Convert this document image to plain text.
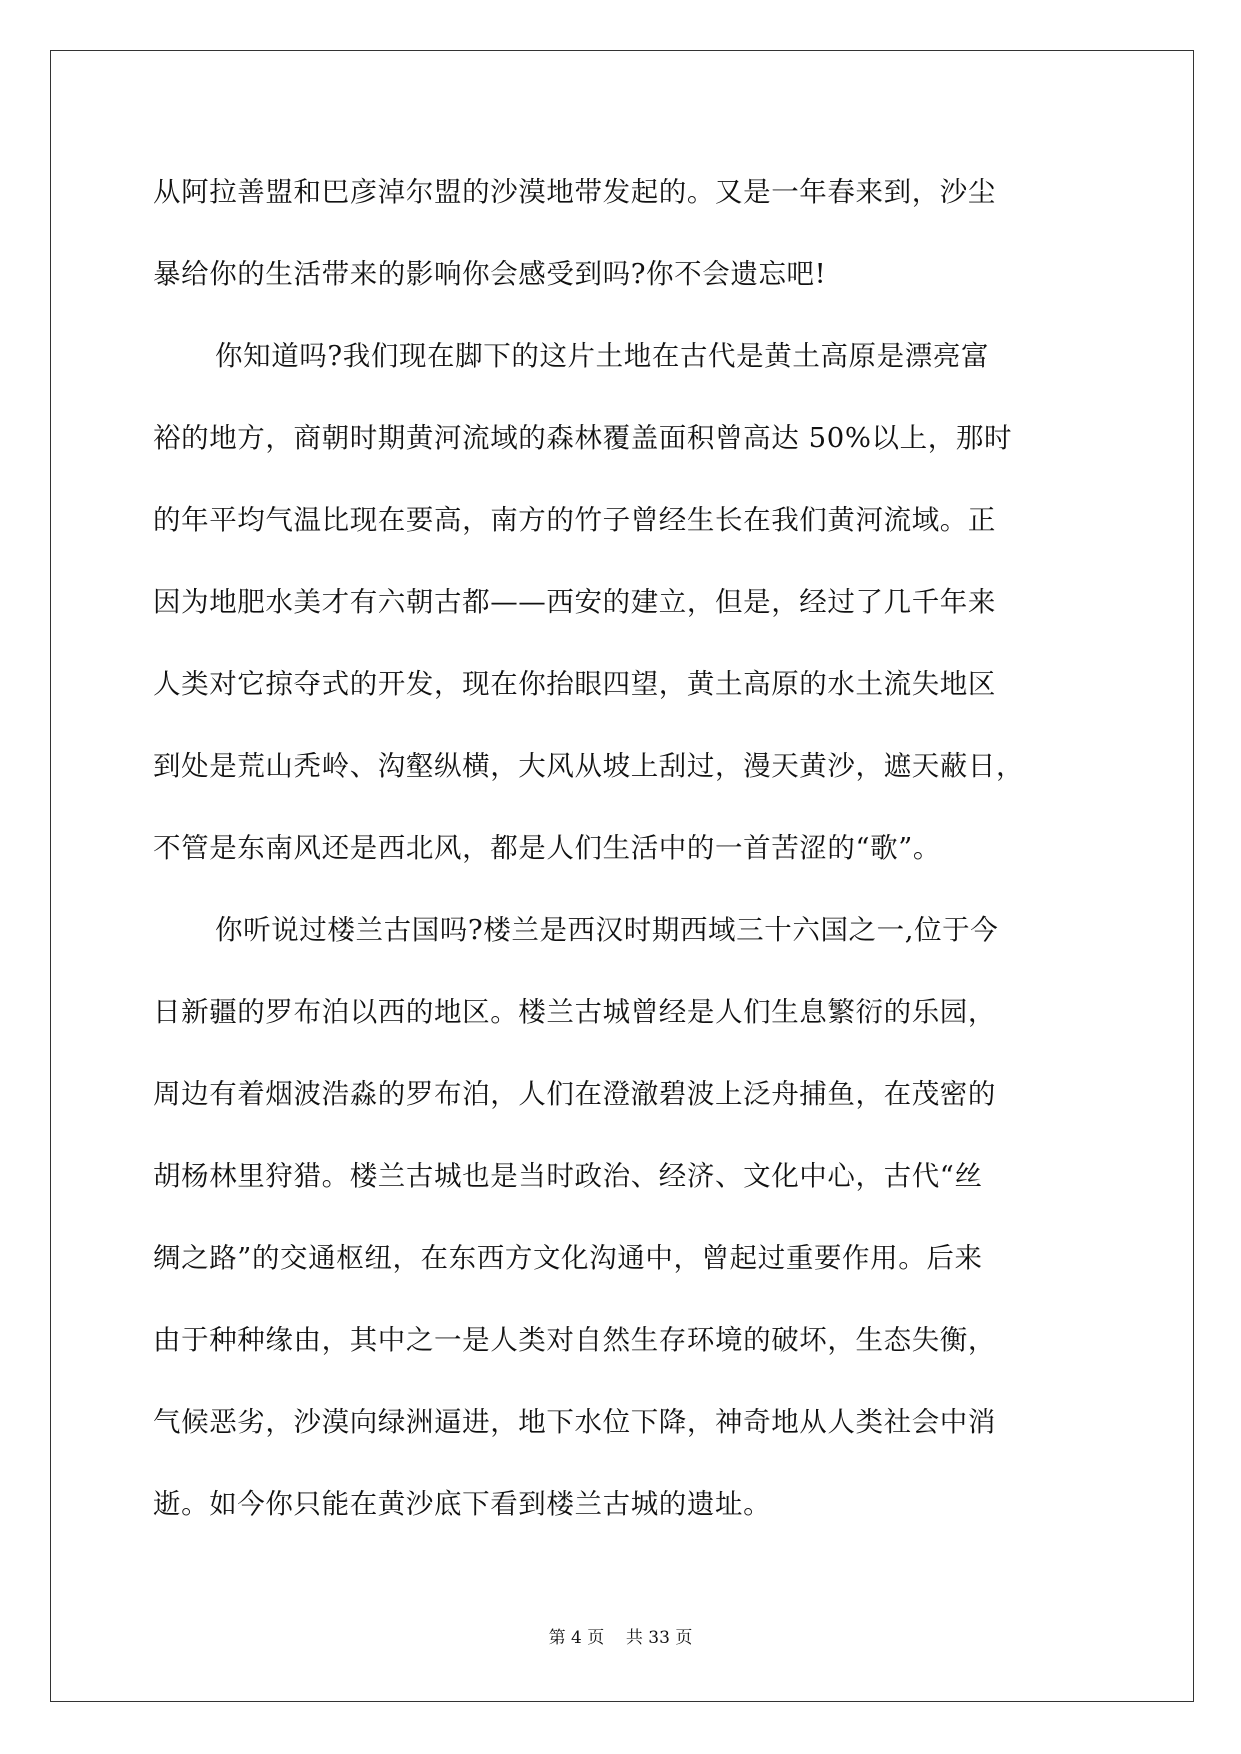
从阿拉善盟和巴彦淖尔盟的沙漠地带发起的。又是一年春来到，沙尘
暴给你的生活带来的影响你会感受到吗?你不会遗忘吧!
你知道吗?我们现在脚下的这片土地在古代是黄土高原是漂亮富
裕的地方，商朝时期黄河流域的森林覆盖面积曾高达 50%以上，那时
的年平均气温比现在要高，南方的竹子曾经生长在我们黄河流域。正
因为地肥水美才有六朝古都——西安的建立，但是，经过了几千年来
人类对它掠夺式的开发，现在你抬眼四望，黄土高原的水土流失地区
到处是荒山秃岭、沟壑纵横，大风从坡上刮过，漫天黄沙，遮天蔽日，
不管是东南风还是西北风，都是人们生活中的一首苦涩的“歌”。
你听说过楼兰古国吗?楼兰是西汉时期西域三十六国之一,位于今
日新疆的罗布泊以西的地区。楼兰古城曾经是人们生息繁衍的乐园，
周边有着烟波浩淼的罗布泊，人们在澄澈碧波上泛舟捕鱼，在茂密的
胡杨林里狩猎。楼兰古城也是当时政治、经济、文化中心，古代“丝
绸之路”的交通枢纽，在东西方文化沟通中，曾起过重要作用。后来
由于种种缘由，其中之一是人类对自然生存环境的破坏，生态失衡，
气候恶劣，沙漠向绿洲逼进，地下水位下降，神奇地从人类社会中消
逝。如今你只能在黄沙底下看到楼兰古城的遗址。
第 4 页    共 33 页
